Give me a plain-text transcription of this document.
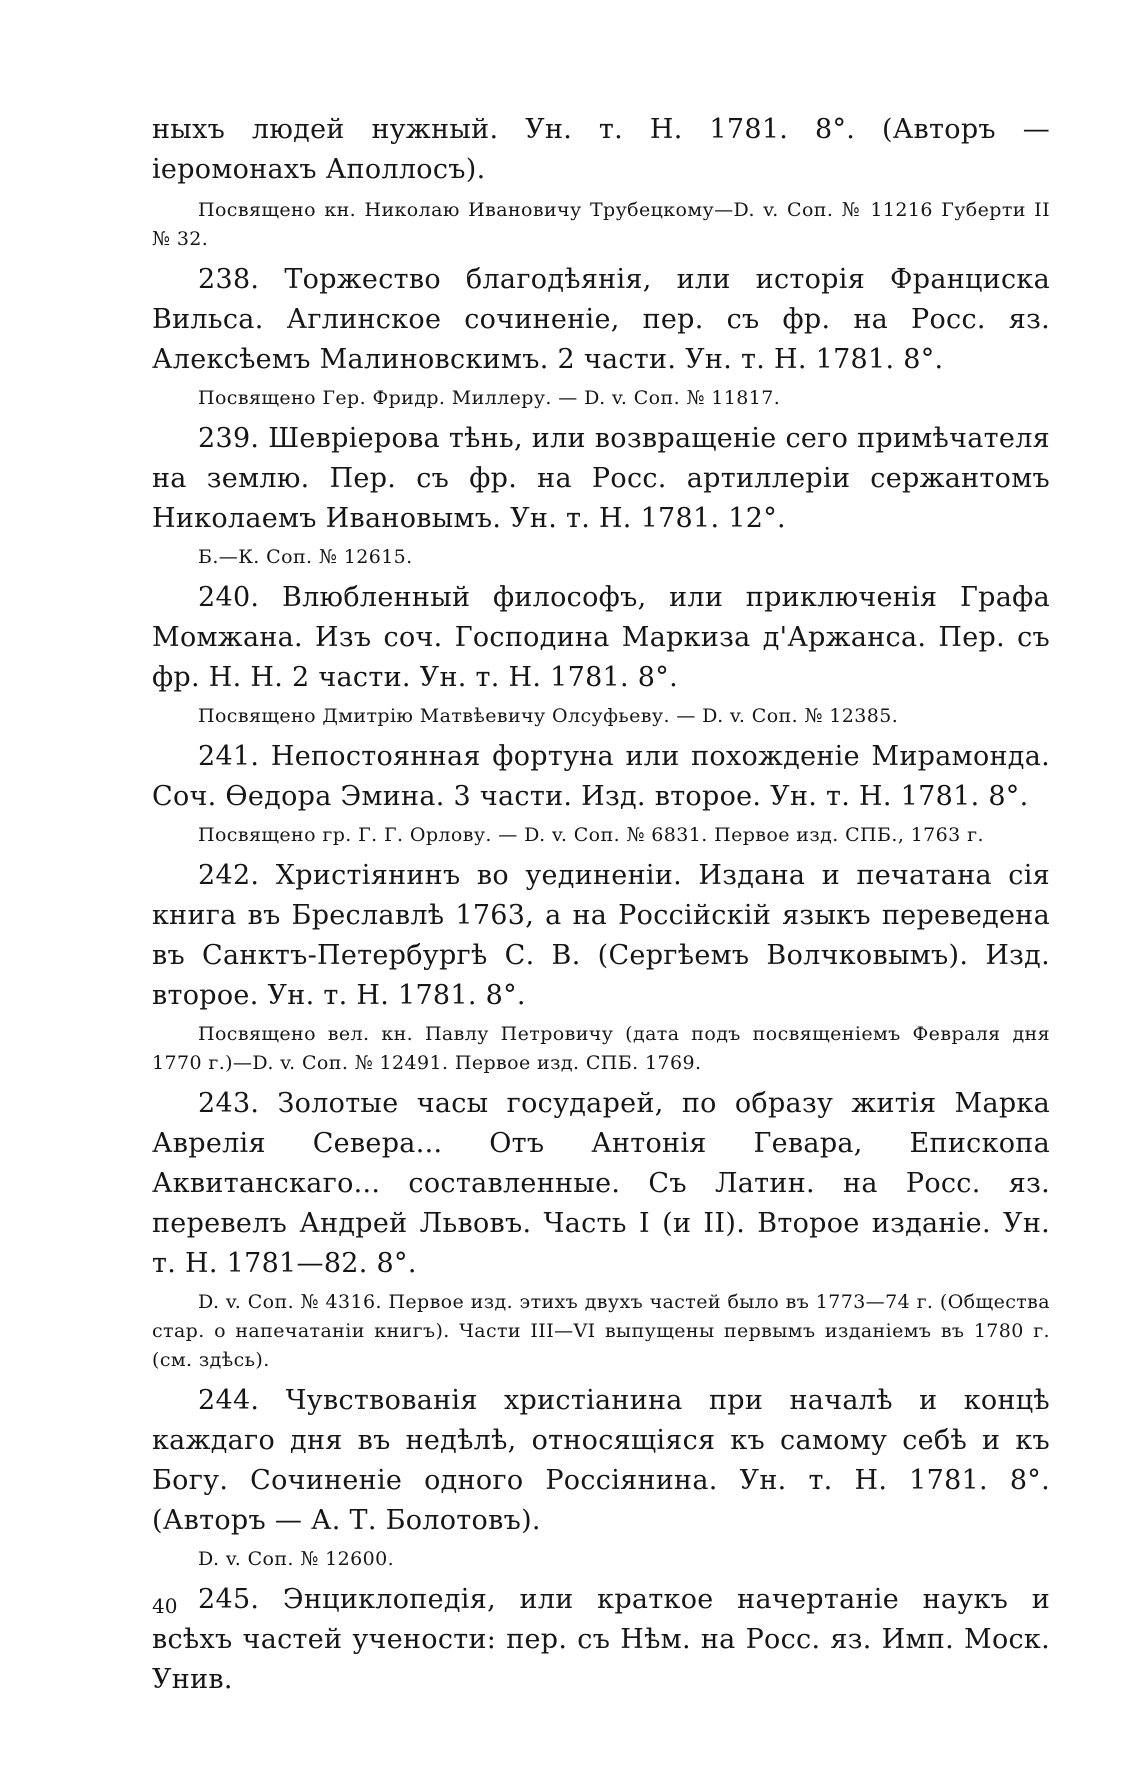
ныхъ людей нужный. Ун. т. Н. 1781. 8°. (Авторъ — іеромонахъ Аполлосъ).

Посвящено кн. Николаю Ивановичу Трубецкому—D. v. Соп. № 11216 Губерти II № 32.

238. Торжество благодѣянія, или исторія Франциска Вильса. Аглинское сочиненіе, пер. съ фр. на Росс. яз. Алексѣемъ Малиновскимъ. 2 части. Ун. т. Н. 1781. 8°.

Посвящено Гер. Фридр. Миллеру. — D. v. Соп. № 11817.

239. Шевріерова тѣнь, или возвращеніе сего примѣчателя на землю. Пер. съ фр. на Росс. артиллеріи сержантомъ Николаемъ Ивановымъ. Ун. т. Н. 1781. 12°.

Б.—К. Соп. № 12615.

240. Влюбленный философъ, или приключенія Графа Момжана. Изъ соч. Господина Маркиза д'Аржанса. Пер. съ фр. Н. Н. 2 части. Ун. т. Н. 1781. 8°.

Посвящено Дмитрію Матвѣевичу Олсуфьеву. — D. v. Соп. № 12385.

241. Непостоянная фортуна или похожденіе Мирамонда. Соч. Ѳедора Эмина. 3 части. Изд. второе. Ун. т. Н. 1781. 8°.

Посвящено гр. Г. Г. Орлову. — D. v. Соп. № 6831. Первое изд. СПБ., 1763 г.

242. Христіянинъ во уединеніи. Издана и печатана сія книга въ Бреславлѣ 1763, а на Россійскій языкъ переведена въ Санктъ-Петербургѣ С. В. (Сергѣемъ Волчковымъ). Изд. второе. Ун. т. Н. 1781. 8°.

Посвящено вел. кн. Павлу Петровичу (дата подъ посвященіемъ Февраля дня 1770 г.)—D. v. Соп. № 12491. Первое изд. СПБ. 1769.

243. Золотые часы государей, по образу житія Марка Аврелія Севера... Отъ Антонія Гевара, Епископа Аквитанскаго... составленные. Съ Латин. на Росс. яз. перевелъ Андрей Львовъ. Часть I (и II). Второе изданіе. Ун. т. Н. 1781—82. 8°.

D. v. Соп. № 4316. Первое изд. этихъ двухъ частей было въ 1773—74 г. (Общества стар. о напечатаніи книгъ). Части III—VI выпущены первымъ изданіемъ въ 1780 г. (см. здѣсь).

244. Чувствованія христіанина при началѣ и концѣ каждаго дня въ недѣлѣ, относящіяся къ самому себѣ и къ Богу. Сочиненіе одного Россіянина. Ун. т. Н. 1781. 8°. (Авторъ — А. Т. Болотовъ).

D. v. Соп. № 12600.

245. Энциклопедія, или краткое начертаніе наукъ и всѣхъ частей учености: пер. съ Нѣм. на Росс. яз. Имп. Моск. Унив.

40
